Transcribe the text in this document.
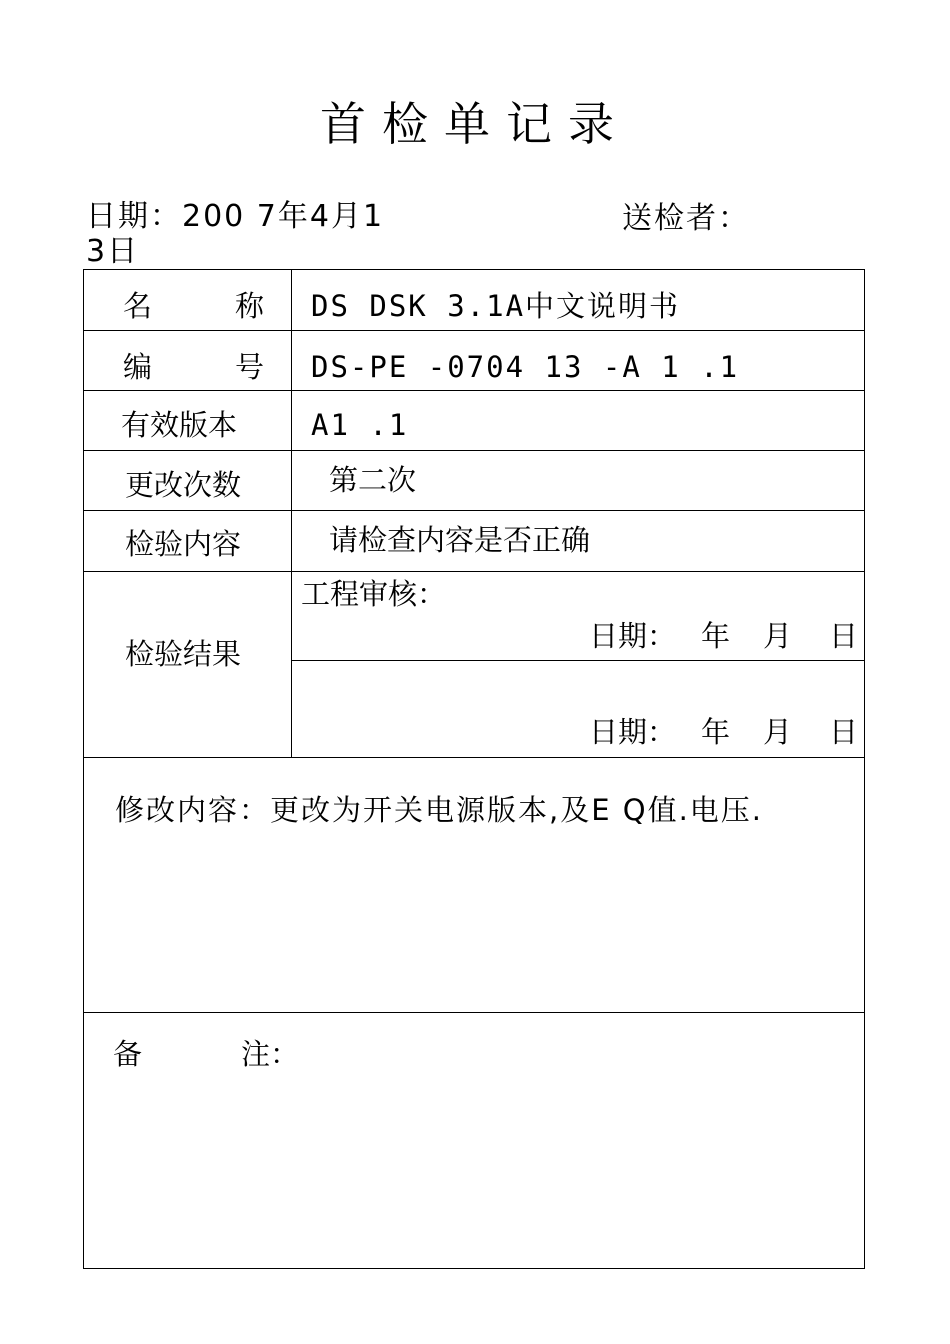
首检单记录
日期：200 7年4月1
3日
送检者：
名	称 DS DSK 3.1A中文说明书
编	号 DS-PE -0704 13 -A 1 .1
有效版本	A1 .1
更改次数	第二次
检验内容	请检查内容是否正确
检验结果
工程审核：
日期： 年 月 日
日期： 年 月 日
修改内容：更改为开关电源版本,及E Q值.电压.
备	注：
